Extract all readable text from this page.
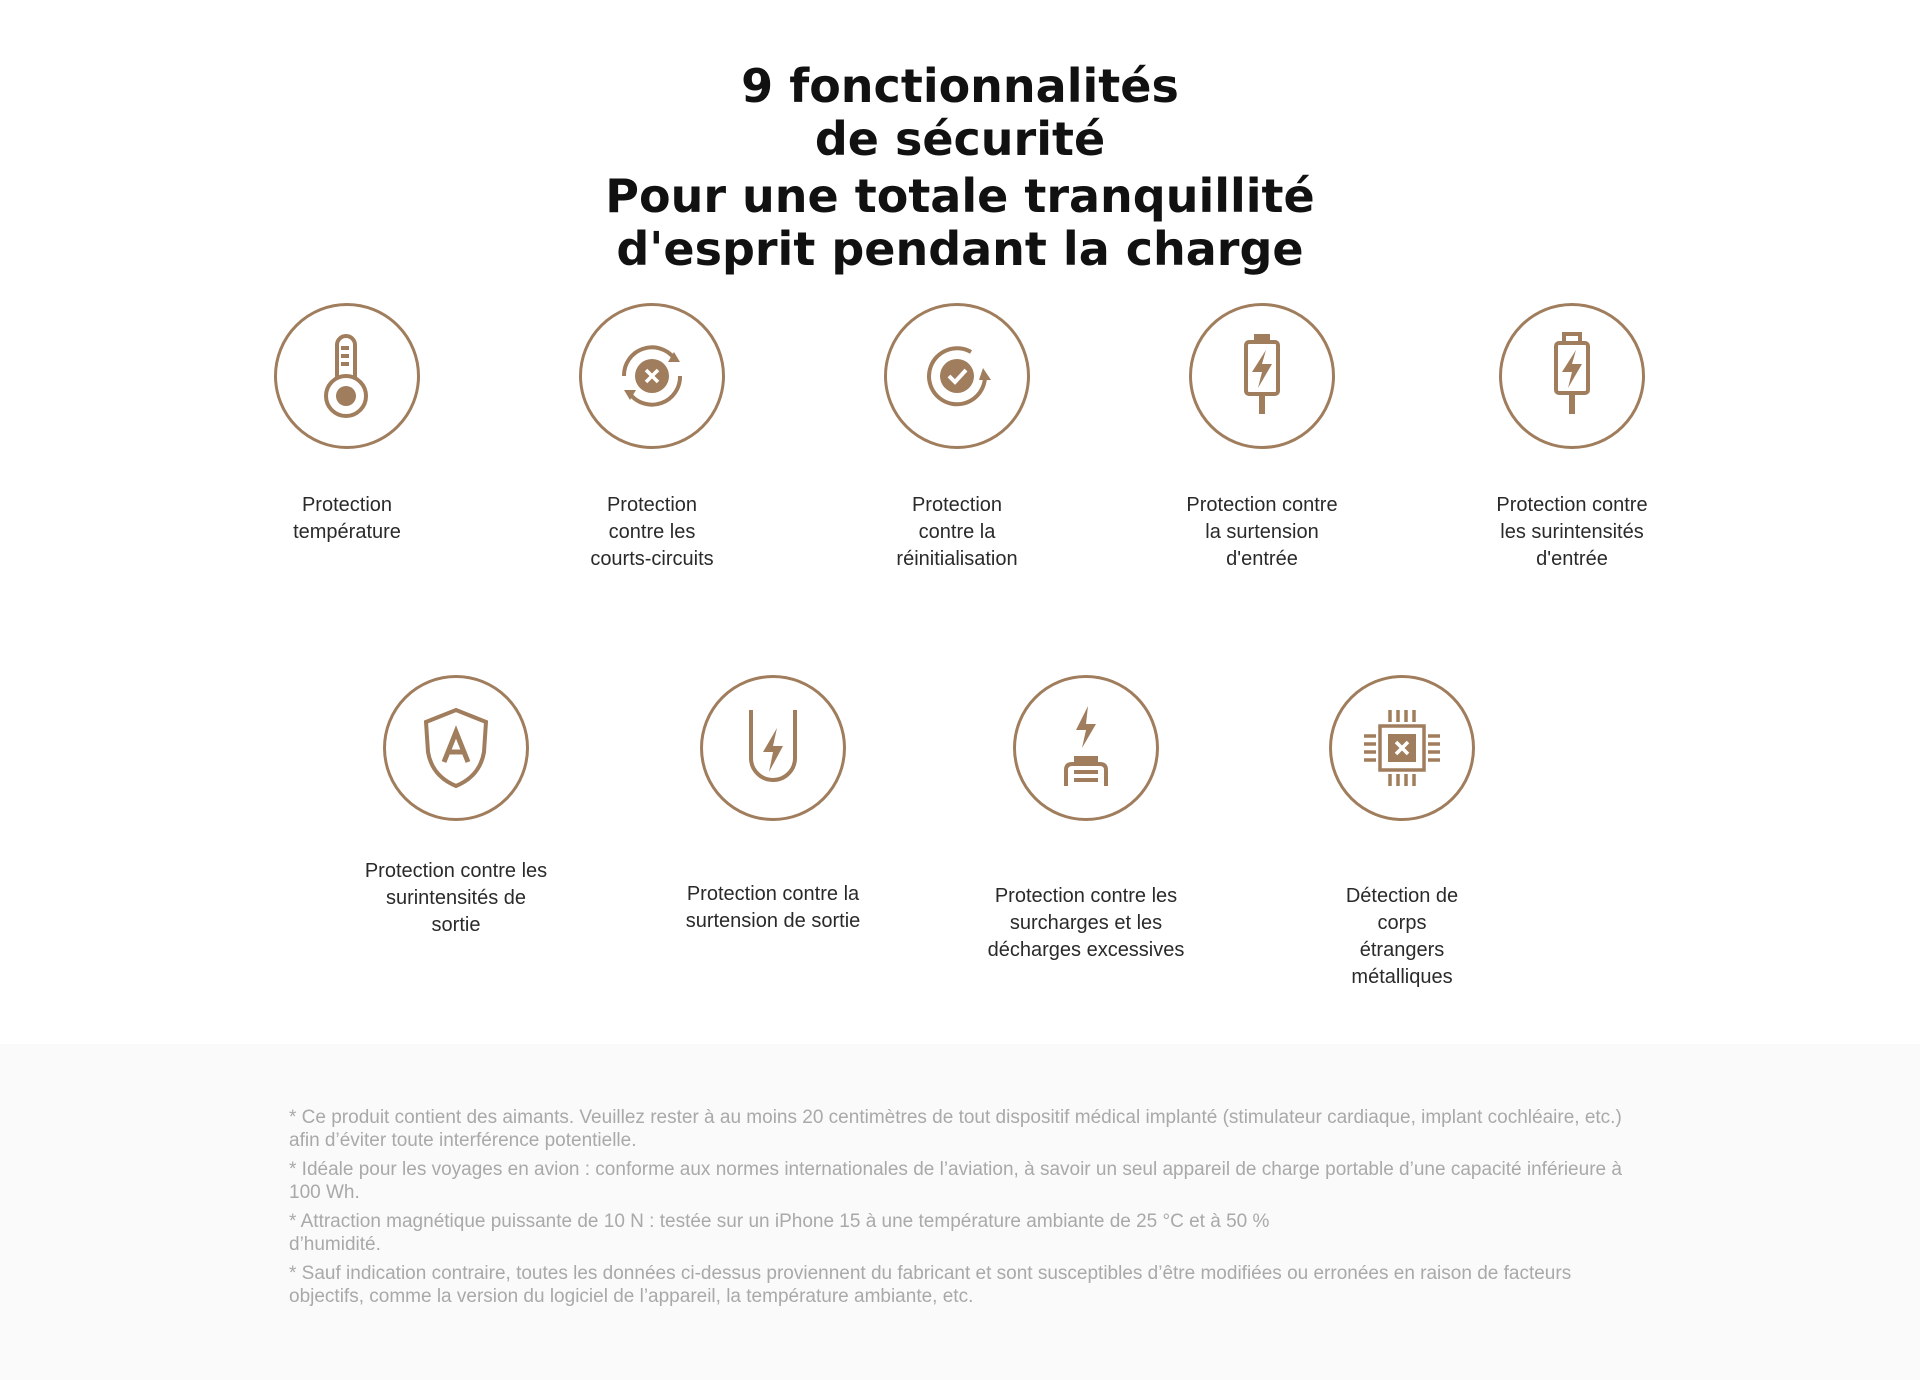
9 fonctionnalités
de sécurité
Pour une totale tranquillité
d'esprit pendant la charge
Protection
température
Protection
contre les
courts-circuits
Protection
contre la
réinitialisation
Protection contre
la surtension
d'entrée
Protection contre
les surintensités
d'entrée
Protection contre les
surintensités de
sortie
Protection contre la
surtension de sortie
Protection contre les
surcharges et les
décharges excessives
Détection de
corps
étrangers
métalliques
* Ce produit contient des aimants. Veuillez rester à au moins 20 centimètres de tout dispositif médical implanté (stimulateur cardiaque, implant cochléaire, etc.) afin d’éviter toute interférence potentielle.
* Idéale pour les voyages en avion : conforme aux normes internationales de l’aviation, à savoir un seul appareil de charge portable d’une capacité inférieure à 100 Wh.
* Attraction magnétique puissante de 10 N : testée sur un iPhone 15 à une température ambiante de 25 °C et à 50 %
d’humidité.
* Sauf indication contraire, toutes les données ci-dessus proviennent du fabricant et sont susceptibles d’être modifiées ou erronées en raison de facteurs objectifs, comme la version du logiciel de l’appareil, la température ambiante, etc.
